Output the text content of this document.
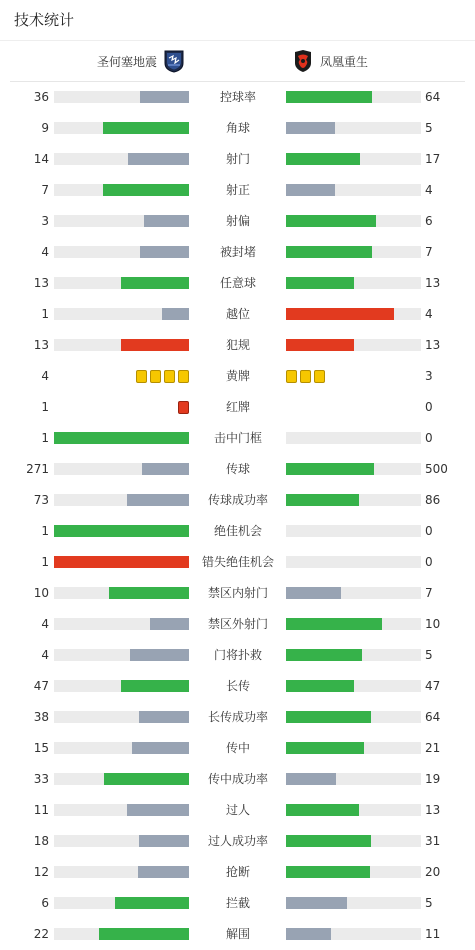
技术统计
圣何塞地震	凤凰重生
36	控球率	64
9	角球	5
14	射门	17
7	射正	4
3	射偏	6
4	被封堵	7
13	任意球	13
1	越位	4
13	犯规	13
4	黄牌	3
1	红牌	0
1	击中门框	0
271	传球	500
73	传球成功率	86
1	绝佳机会	0
1	错失绝佳机会	0
10	禁区内射门	7
4	禁区外射门	10
4	门将扑救	5
47	长传	47
38	长传成功率	64
15	传中	21
33	传中成功率	19
11	过人	13
18	过人成功率	31
12	抢断	20
6	拦截	5
22	解围	11
